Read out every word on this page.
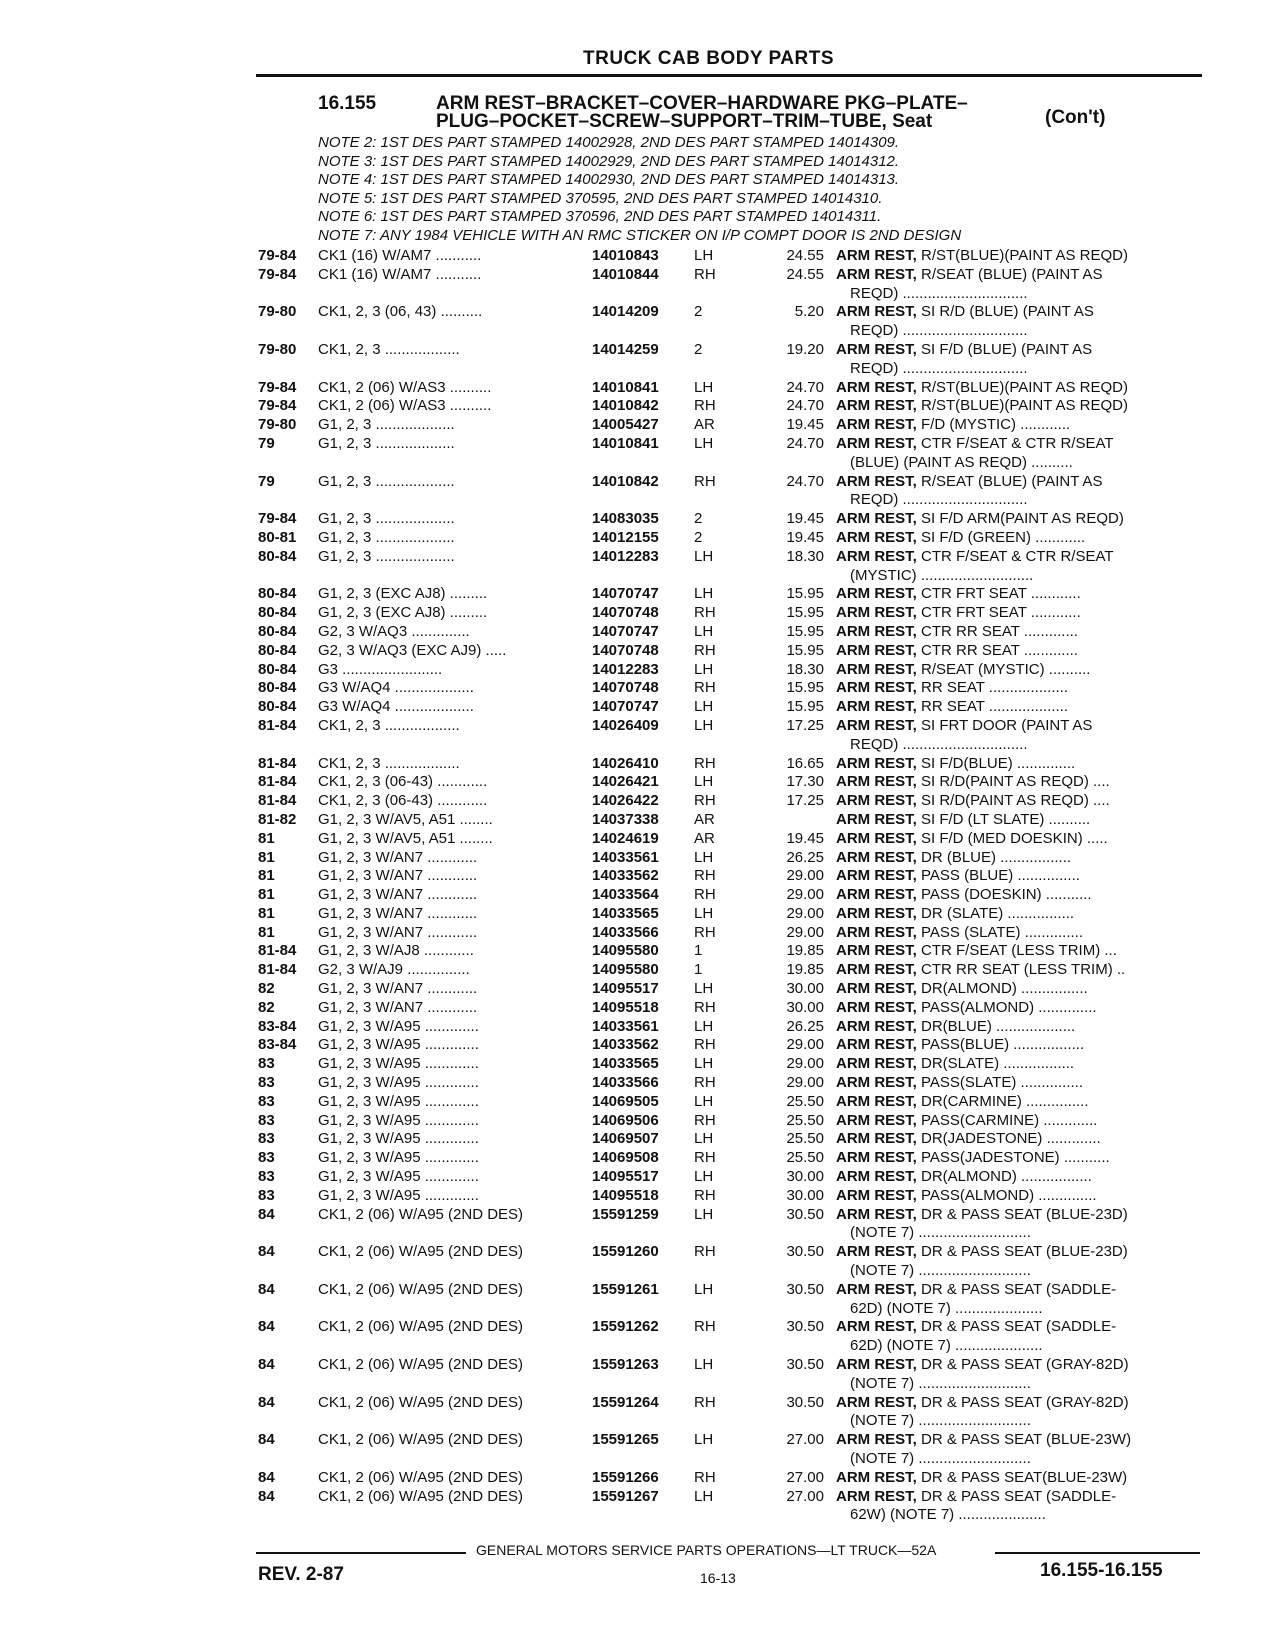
TRUCK CAB BODY PARTS
16.155	ARM REST–BRACKET–COVER–HARDWARE PKG–PLATE–
PLUG–POCKET–SCREW–SUPPORT–TRIM–TUBE, Seat	(Con't)
NOTE 2: 1ST DES PART STAMPED 14002928, 2ND DES PART STAMPED 14014309.
NOTE 3: 1ST DES PART STAMPED 14002929, 2ND DES PART STAMPED 14014312.
NOTE 4: 1ST DES PART STAMPED 14002930, 2ND DES PART STAMPED 14014313.
NOTE 5: 1ST DES PART STAMPED 370595, 2ND DES PART STAMPED 14014310.
NOTE 6: 1ST DES PART STAMPED 370596, 2ND DES PART STAMPED 14014311.
NOTE 7: ANY 1984 VEHICLE WITH AN RMC STICKER ON I/P COMPT DOOR IS 2ND DESIGN
79-84	CK1 (16) W/AM7 ...........	14010843 LH	24.55 ARM REST, R/ST(BLUE)(PAINT AS REQD)
79-84	CK1 (16) W/AM7 ...........	14010844 RH	24.55 ARM REST, R/SEAT (BLUE) (PAINT AS
REQD) ..............................
79-80	CK1, 2, 3 (06, 43) ..........	14014209 2	5.20 ARM REST, SI R/D (BLUE) (PAINT AS
REQD) ..............................
79-80	CK1, 2, 3 ..................	14014259 2	19.20 ARM REST, SI F/D (BLUE) (PAINT AS
REQD) ..............................
79-84	CK1, 2 (06) W/AS3 ..........	14010841 LH	24.70 ARM REST, R/ST(BLUE)(PAINT AS REQD)
79-84	CK1, 2 (06) W/AS3 ..........	14010842 RH	24.70 ARM REST, R/ST(BLUE)(PAINT AS REQD)
79-80	G1, 2, 3 ...................	14005427 AR	19.45 ARM REST, F/D (MYSTIC) ............
79	G1, 2, 3 ...................	14010841 LH	24.70 ARM REST, CTR F/SEAT & CTR R/SEAT
(BLUE) (PAINT AS REQD) ..........
79	G1, 2, 3 ...................	14010842 RH	24.70 ARM REST, R/SEAT (BLUE) (PAINT AS
REQD) ..............................
79-84	G1, 2, 3 ...................	14083035 2	19.45 ARM REST, SI F/D ARM(PAINT AS REQD)
80-81	G1, 2, 3 ...................	14012155 2	19.45 ARM REST, SI F/D (GREEN) ............
80-84	G1, 2, 3 ...................	14012283 LH	18.30 ARM REST, CTR F/SEAT & CTR R/SEAT
(MYSTIC) ...........................
80-84	G1, 2, 3 (EXC AJ8) .........	14070747 LH	15.95 ARM REST, CTR FRT SEAT ............
80-84	G1, 2, 3 (EXC AJ8) .........	14070748 RH	15.95 ARM REST, CTR FRT SEAT ............
80-84	G2, 3 W/AQ3 ..............	14070747 LH	15.95 ARM REST, CTR RR SEAT .............
80-84	G2, 3 W/AQ3 (EXC AJ9) .....	14070748 RH	15.95 ARM REST, CTR RR SEAT .............
80-84	G3 ........................	14012283 LH	18.30 ARM REST, R/SEAT (MYSTIC) ..........
80-84	G3 W/AQ4 ...................	14070748 RH	15.95 ARM REST, RR SEAT ...................
80-84	G3 W/AQ4 ...................	14070747 LH	15.95 ARM REST, RR SEAT ...................
81-84	CK1, 2, 3 ..................	14026409 LH	17.25 ARM REST, SI FRT DOOR (PAINT AS
REQD) ..............................
81-84	CK1, 2, 3 ..................	14026410 RH	16.65 ARM REST, SI F/D(BLUE) ..............
81-84	CK1, 2, 3 (06-43) ............	14026421 LH	17.30 ARM REST, SI R/D(PAINT AS REQD) ....
81-84	CK1, 2, 3 (06-43) ............	14026422 RH	17.25 ARM REST, SI R/D(PAINT AS REQD) ....
81-82	G1, 2, 3 W/AV5, A51 ........	14037338 AR	ARM REST, SI F/D (LT SLATE) ..........
81	G1, 2, 3 W/AV5, A51 ........	14024619 AR	19.45 ARM REST, SI F/D (MED DOESKIN) .....
81	G1, 2, 3 W/AN7 ............	14033561 LH	26.25 ARM REST, DR (BLUE) .................
81	G1, 2, 3 W/AN7 ............	14033562 RH	29.00 ARM REST, PASS (BLUE) ...............
81	G1, 2, 3 W/AN7 ............	14033564 RH	29.00 ARM REST, PASS (DOESKIN) ...........
81	G1, 2, 3 W/AN7 ............	14033565 LH	29.00 ARM REST, DR (SLATE) ................
81	G1, 2, 3 W/AN7 ............	14033566 RH	29.00 ARM REST, PASS (SLATE) ..............
81-84	G1, 2, 3 W/AJ8 ............	14095580 1	19.85 ARM REST, CTR F/SEAT (LESS TRIM) ...
81-84	G2, 3 W/AJ9 ...............	14095580 1	19.85 ARM REST, CTR RR SEAT (LESS TRIM) ..
82	G1, 2, 3 W/AN7 ............	14095517 LH	30.00 ARM REST, DR(ALMOND) ................
82	G1, 2, 3 W/AN7 ............	14095518 RH	30.00 ARM REST, PASS(ALMOND) ..............
83-84	G1, 2, 3 W/A95 .............	14033561 LH	26.25 ARM REST, DR(BLUE) ...................
83-84	G1, 2, 3 W/A95 .............	14033562 RH	29.00 ARM REST, PASS(BLUE) .................
83	G1, 2, 3 W/A95 .............	14033565 LH	29.00 ARM REST, DR(SLATE) .................
83	G1, 2, 3 W/A95 .............	14033566 RH	29.00 ARM REST, PASS(SLATE) ...............
83	G1, 2, 3 W/A95 .............	14069505 LH	25.50 ARM REST, DR(CARMINE) ...............
83	G1, 2, 3 W/A95 .............	14069506 RH	25.50 ARM REST, PASS(CARMINE) .............
83	G1, 2, 3 W/A95 .............	14069507 LH	25.50 ARM REST, DR(JADESTONE) .............
83	G1, 2, 3 W/A95 .............	14069508 RH	25.50 ARM REST, PASS(JADESTONE) ...........
83	G1, 2, 3 W/A95 .............	14095517 LH	30.00 ARM REST, DR(ALMOND) .................
83	G1, 2, 3 W/A95 .............	14095518 RH	30.00 ARM REST, PASS(ALMOND) ..............
84	CK1, 2 (06) W/A95 (2ND DES)	15591259 LH	30.50 ARM REST, DR & PASS SEAT (BLUE-23D)
(NOTE 7) ...........................
84	CK1, 2 (06) W/A95 (2ND DES)	15591260 RH	30.50 ARM REST, DR & PASS SEAT (BLUE-23D)
(NOTE 7) ...........................
84	CK1, 2 (06) W/A95 (2ND DES)	15591261 LH	30.50 ARM REST, DR & PASS SEAT (SADDLE-
62D) (NOTE 7) .....................
84	CK1, 2 (06) W/A95 (2ND DES)	15591262 RH	30.50 ARM REST, DR & PASS SEAT (SADDLE-
62D) (NOTE 7) .....................
84	CK1, 2 (06) W/A95 (2ND DES)	15591263 LH	30.50 ARM REST, DR & PASS SEAT (GRAY-82D)
(NOTE 7) ...........................
84	CK1, 2 (06) W/A95 (2ND DES)	15591264 RH	30.50 ARM REST, DR & PASS SEAT (GRAY-82D)
(NOTE 7) ...........................
84	CK1, 2 (06) W/A95 (2ND DES)	15591265 LH	27.00 ARM REST, DR & PASS SEAT (BLUE-23W)
(NOTE 7) ...........................
84	CK1, 2 (06) W/A95 (2ND DES)	15591266 RH	27.00 ARM REST, DR & PASS SEAT(BLUE-23W)
84	CK1, 2 (06) W/A95 (2ND DES)	15591267 LH	27.00 ARM REST, DR & PASS SEAT (SADDLE-
62W) (NOTE 7) .....................
GENERAL MOTORS SERVICE PARTS OPERATIONS—LT TRUCK—52A
REV. 2-87	16-13	16.155-16.155
